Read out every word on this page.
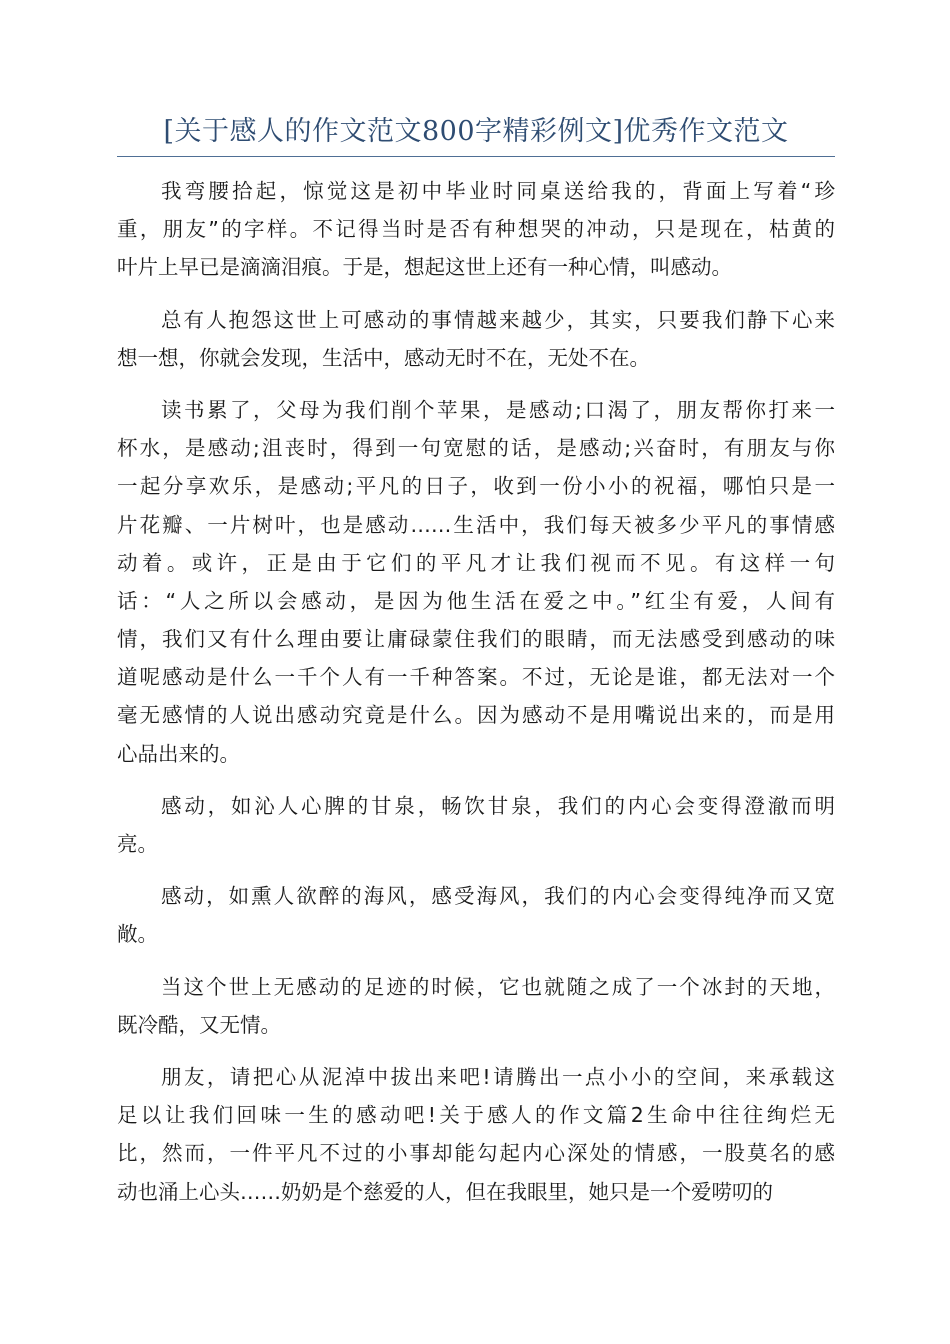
[关于感人的作文范文800字精彩例文]优秀作文范文
我弯腰拾起，惊觉这是初中毕业时同桌送给我的，背面上写着“珍
重，朋友”的字样。不记得当时是否有种想哭的冲动，只是现在，枯黄的
叶片上早已是滴滴泪痕。于是，想起这世上还有一种心情，叫感动。
总有人抱怨这世上可感动的事情越来越少，其实，只要我们静下心来
想一想，你就会发现，生活中，感动无时不在，无处不在。
读书累了，父母为我们削个苹果，是感动;口渴了，朋友帮你打来一
杯水，是感动;沮丧时，得到一句宽慰的话，是感动;兴奋时，有朋友与你
一起分享欢乐，是感动;平凡的日子，收到一份小小的祝福，哪怕只是一
片花瓣、一片树叶，也是感动……生活中，我们每天被多少平凡的事情感
动着。或许，正是由于它们的平凡才让我们视而不见。有这样一句
话：“人之所以会感动，是因为他生活在爱之中。”红尘有爱，人间有
情，我们又有什么理由要让庸碌蒙住我们的眼睛，而无法感受到感动的味
道呢感动是什么一千个人有一千种答案。不过，无论是谁，都无法对一个
毫无感情的人说出感动究竟是什么。因为感动不是用嘴说出来的，而是用
心品出来的。
感动，如沁人心脾的甘泉，畅饮甘泉，我们的内心会变得澄澈而明
亮。
感动，如熏人欲醉的海风，感受海风，我们的内心会变得纯净而又宽
敞。
当这个世上无感动的足迹的时候，它也就随之成了一个冰封的天地，
既冷酷，又无情。
朋友，请把心从泥淖中拔出来吧!请腾出一点小小的空间，来承载这
足以让我们回味一生的感动吧!关于感人的作文篇2生命中往往绚烂无
比，然而，一件平凡不过的小事却能勾起内心深处的情感，一股莫名的感
动也涌上心头……奶奶是个慈爱的人，但在我眼里，她只是一个爱唠叨的
